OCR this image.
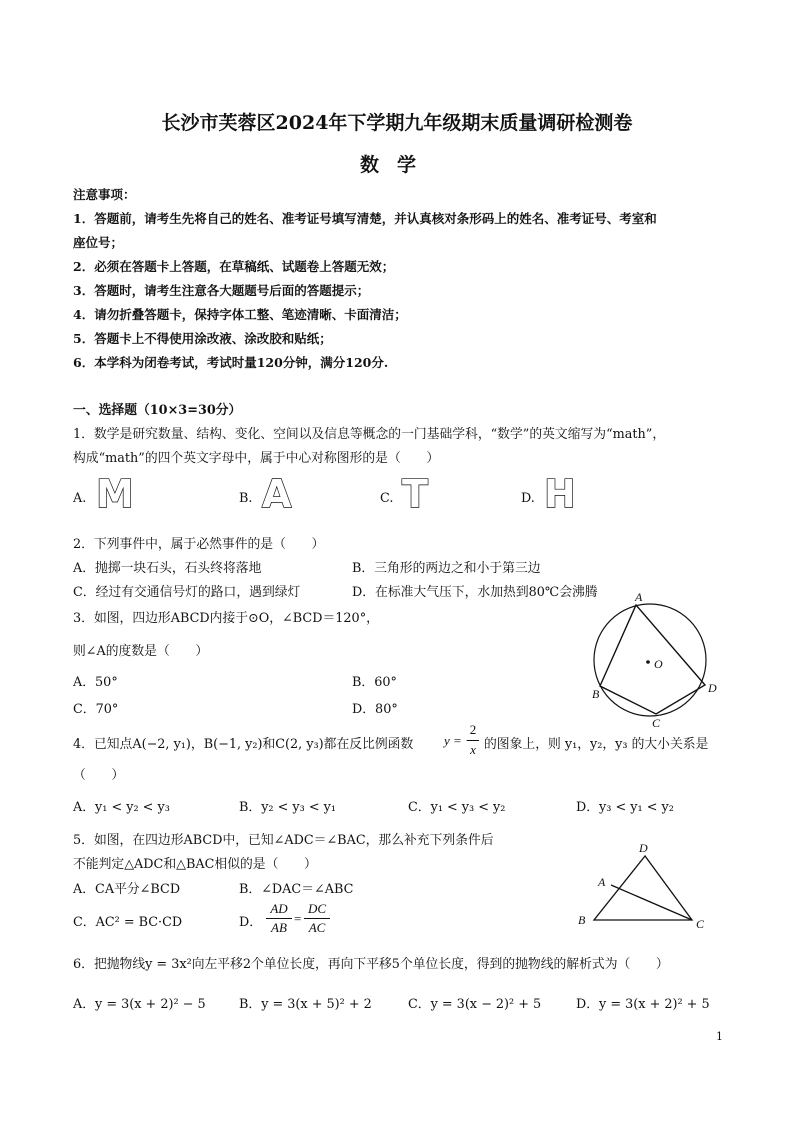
长沙市芙蓉区2024年下学期九年级期末质量调研检测卷
数学
注意事项：
1．答题前，请考生先将自己的姓名、准考证号填写清楚，并认真核对条形码上的姓名、准考证号、考室和
座位号；
2．必须在答题卡上答题，在草稿纸、试题卷上答题无效；
3．答题时，请考生注意各大题题号后面的答题提示；
4．请勿折叠答题卡，保持字体工整、笔迹清晰、卡面清洁；
5．答题卡上不得使用涂改液、涂改胶和贴纸；
6．本学科为闭卷考试，考试时量120分钟，满分120分.
一、选择题（10×3=30分）
1．数学是研究数量、结构、变化、空间以及信息等概念的一门基础学科，“数学”的英文缩写为“math”，
构成“math”的四个英文字母中，属于中心对称图形的是（　　）
A. M	B. A	C. T	D. H
2．下列事件中，属于必然事件的是（　　）
A．抛掷一块石头，石头终将落地	B．三角形的两边之和小于第三边
C．经过有交通信号灯的路口，遇到绿灯	D．在标准大气压下，水加热到80℃会沸腾
3．如图，四边形ABCD内接于⊙O，∠BCD＝120°，
则∠A的度数是（　　）
A．50°	B．60°
C．70°	D．80°
A
B
C
D
O
4．已知点A(−2, y₁)，B(−1, y₂)和C(2, y₃)都在反比例函数 y = −
2
x 的图象上，则 y₁，y₂，y₃ 的大小关系是
（　　）
A．y₁ < y₂ < y₃	B．y₂ < y₃ < y₁	C．y₁ < y₃ < y₂	D．y₃ < y₁ < y₂
5．如图，在四边形ABCD中，已知∠ADC＝∠BAC，那么补充下列条件后
不能判定△ADC和△BAC相似的是（　　）
A．CA平分∠BCD	B．∠DAC＝∠ABC
C．AC² = BC·CD	D．
AD
AB
=
DC
AC
D
A
B	C
6．把抛物线y = 3x²向左平移2个单位长度，再向下平移5个单位长度，得到的抛物线的解析式为（　　）
A．y = 3(x + 2)² − 5	B．y = 3(x + 5)² + 2	C．y = 3(x − 2)² + 5	D．y = 3(x + 2)² + 5
1
